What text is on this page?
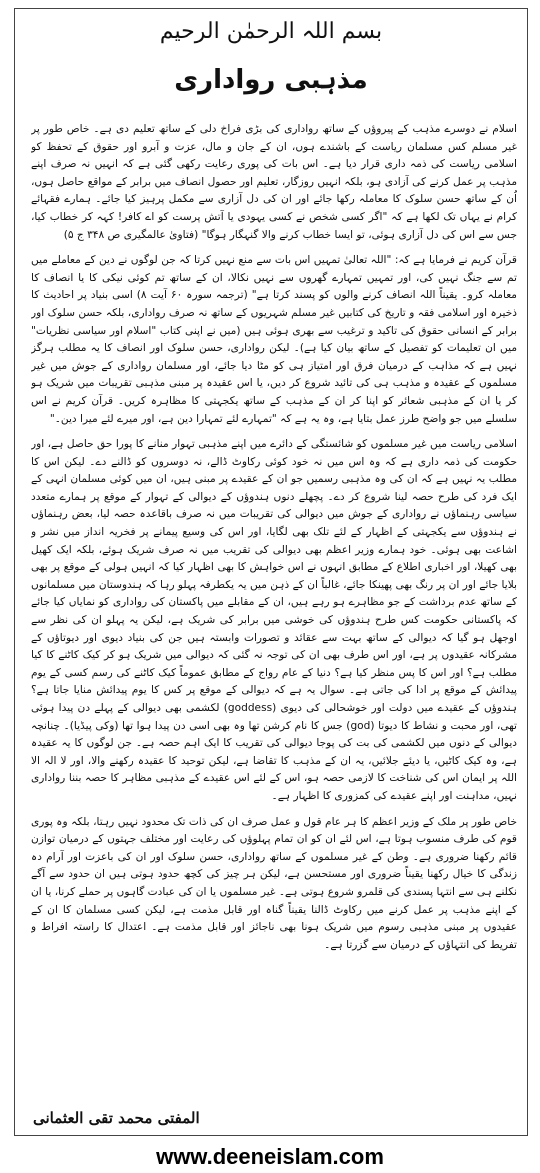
بسم اللہ الرحمٰن الرحیم
مذہبی رواداری

اسلام نے دوسرے مذہب کے پیروؤں کے ساتھ رواداری کی بڑی فراخ دلی کے ساتھ تعلیم دی ہے۔ خاص طور پر غیر مسلم کس مسلمان ریاست کے باشندے ہوں، ان کے جان و مال، عزت و آبرو اور حقوق کے تحفظ کو اسلامی ریاست کی ذمہ داری قرار دیا ہے۔ اس بات کی پوری رعایت رکھی گئی ہے کہ انہیں نہ صرف اپنے مذہب پر عمل کرنے کی آزادی ہو، بلکہ انہیں روزگار، تعلیم اور حصول انصاف میں برابر کے مواقع حاصل ہوں، اُن کے ساتھ حسن سلوک کا معاملہ رکھا جائے اور ان کی دل آزاری سے مکمل پرہیز کیا جائے۔ ہمارے فقہائے کرام نے یہاں تک لکھا ہے کہ "اگر کسی شخص نے کسی یہودی یا آتش پرست کو اے کافر! کہہ کر خطاب کیا، جس سے اس کی دل آزاری ہوئی، تو ایسا خطاب کرنے والا گنہگار ہوگا" (فتاویٰ عالمگیری ص ۳۴۸ ج ۵)

قرآن کریم نے فرمایا ہے کہ: "اللہ تعالیٰ تمہیں اس بات سے منع نہیں کرتا کہ جن لوگوں نے دین کے معاملے میں تم سے جنگ نہیں کی، اور تمہیں تمہارے گھروں سے نہیں نکالا، ان کے ساتھ تم کوئی نیکی کا یا انصاف کا معاملہ کرو۔ یقیناً اللہ انصاف کرنے والوں کو پسند کرتا ہے" (ترجمہ سورہ ۶۰ آیت ۸) اسی بنیاد پر احادیث کا ذخیرہ اور اسلامی فقہ و تاریخ کی کتابیں غیر مسلم شہریوں کے ساتھ نہ صرف رواداری، بلکہ حسن سلوک اور برابر کے انسانی حقوق کی تاکید و ترغیب سے بھری ہوئی ہیں (میں نے اپنی کتاب "اسلام اور سیاسی نظریات" میں ان تعلیمات کو تفصیل کے ساتھ بیان کیا ہے)۔ لیکن رواداری، حسن سلوک اور انصاف کا یہ مطلب ہرگز نہیں ہے کہ مذاہب کے درمیان فرق اور امتیاز ہی کو مٹا دیا جائے، اور مسلمان رواداری کے جوش میں غیر مسلموں کے عقیدہ و مذہب ہی کی تائید شروع کر دیں، یا اس عقیدہ پر مبنی مذہبی تقریبات میں شریک ہو کر یا ان کے مذہبی شعائر کو اپنا کر ان کے مذہب کے ساتھ یکجہتی کا مظاہرہ کریں۔ قرآن کریم نے اس سلسلے میں جو واضح طرز عمل بتایا ہے، وہ یہ ہے کہ "تمہارے لئے تمہارا دین ہے، اور میرے لئے میرا دین۔"

اسلامی ریاست میں غیر مسلموں کو شائستگی کے دائرے میں اپنے مذہبی تہوار منانے کا پورا حق حاصل ہے، اور حکومت کی ذمہ داری ہے کہ وہ اس میں نہ خود کوئی رکاوٹ ڈالے، نہ دوسروں کو ڈالنے دے۔ لیکن اس کا مطلب یہ نہیں ہے کہ ان کی وہ مذہبی رسمیں جو ان کے عقیدے پر مبنی ہیں، ان میں کوئی مسلمان انہی کے ایک فرد کی طرح حصہ لینا شروع کر دے۔ پچھلے دنوں ہندوؤں کے دیوالی کے تہوار کے موقع پر ہمارے متعدد سیاسی رہنماؤں نے رواداری کے جوش میں دیوالی کی تقریبات میں نہ صرف باقاعدہ حصہ لیا، بعض رہنماؤں نے ہندوؤں سے یکجہتی کے اظہار کے لئے تلک بھی لگایا، اور اس کی وسیع پیمانے پر فخریہ انداز میں نشر و اشاعت بھی ہوئی۔ خود ہمارے وزیر اعظم بھی دیوالی کی تقریب میں نہ صرف شریک ہوئے، بلکہ ایک کھیل بھی کھیلا، اور اخباری اطلاع کے مطابق انہوں نے اس خواہش کا بھی اظہار کیا کہ انہیں ہولی کے موقع پر بھی بلایا جائے اور ان پر رنگ بھی پھینکا جائے، غالباً ان کے ذہن میں یہ یکطرفہ پہلو رہا کہ ہندوستان میں مسلمانوں کے ساتھ عدم برداشت کے جو مظاہرے ہو رہے ہیں، ان کے مقابلے میں پاکستان کی رواداری کو نمایاں کیا جائے کہ پاکستانی حکومت کس طرح ہندوؤں کی خوشی میں برابر کی شریک ہے، لیکن یہ پہلو ان کی نظر سے اوجھل ہو گیا کہ دیوالی کے ساتھ بہت سے عقائد و تصورات وابستہ ہیں جن کی بنیاد دیوی اور دیوتاؤں کے مشرکانہ عقیدوں پر ہے، اور اس طرف بھی ان کی توجہ نہ گئی کہ دیوالی میں شریک ہو کر کیک کاٹنے کا کیا مطلب ہے؟ اور اس کا پس منظر کیا ہے؟ دنیا کے عام رواج کے مطابق عموماً کیک کاٹنے کی رسم کسی کے یوم پیدائش کے موقع پر ادا کی جاتی ہے۔ سوال یہ ہے کہ دیوالی کے موقع پر کس کا یوم پیدائش منایا جاتا ہے؟ ہندوؤں کے عقیدے میں دولت اور خوشحالی کی دیوی (goddess) لکشمی بھی دیوالی کے پہلے دن پیدا ہوئی تھی، اور محبت و نشاط کا دیوتا (god) جس کا نام کرشن تھا وہ بھی اسی دن پیدا ہوا تھا (وکی پیڈیا)۔ چنانچہ دیوالی کے دنوں میں لکشمی کی بت کی پوجا دیوالی کی تقریب کا ایک اہم حصہ ہے۔ جن لوگوں کا یہ عقیدہ ہے، وہ کیک کاٹیں، یا دیئے جلائیں، یہ ان کے مذہب کا تقاضا ہے، لیکن توحید کا عقیدہ رکھنے والا، اور لا الہ الا اللہ پر ایمان اس کی شناخت کا لازمی حصہ ہو، اس کے لئے اس عقیدے کے مذہبی مظاہر کا حصہ بننا رواداری نہیں، مداہنت اور اپنے عقیدے کی کمزوری کا اظہار ہے۔

خاص طور پر ملک کے وزیر اعظم کا ہر عام قول و عمل صرف ان کی ذات تک محدود نہیں رہتا، بلکہ وہ پوری قوم کی طرف منسوب ہوتا ہے، اس لئے ان کو ان تمام پہلوؤں کی رعایت اور مختلف جہتوں کے درمیان توازن قائم رکھنا ضروری ہے۔ وطن کے غیر مسلموں کے ساتھ رواداری، حسن سلوک اور ان کی باعزت اور آرام دہ زندگی کا خیال رکھنا یقیناً ضروری اور مستحسن ہے، لیکن ہر چیز کی کچھ حدود ہوتی ہیں ان حدود سے آگے نکلنے ہی سے انتہا پسندی کی قلمرو شروع ہوتی ہے۔ غیر مسلموں یا ان کی عبادت گاہوں پر حملے کرنا، یا ان کے اپنے مذہب پر عمل کرنے میں رکاوٹ ڈالنا یقیناً گناہ اور قابل مذمت ہے، لیکن کسی مسلمان کا ان کے عقیدوں پر مبنی مذہبی رسوم میں شریک ہونا بھی ناجائز اور قابل مذمت ہے۔ اعتدال کا راستہ افراط و تفریط کی انتہاؤں کے درمیان سے گزرتا ہے۔

المفتی محمد تقی العثمانی
www.deeneislam.com
